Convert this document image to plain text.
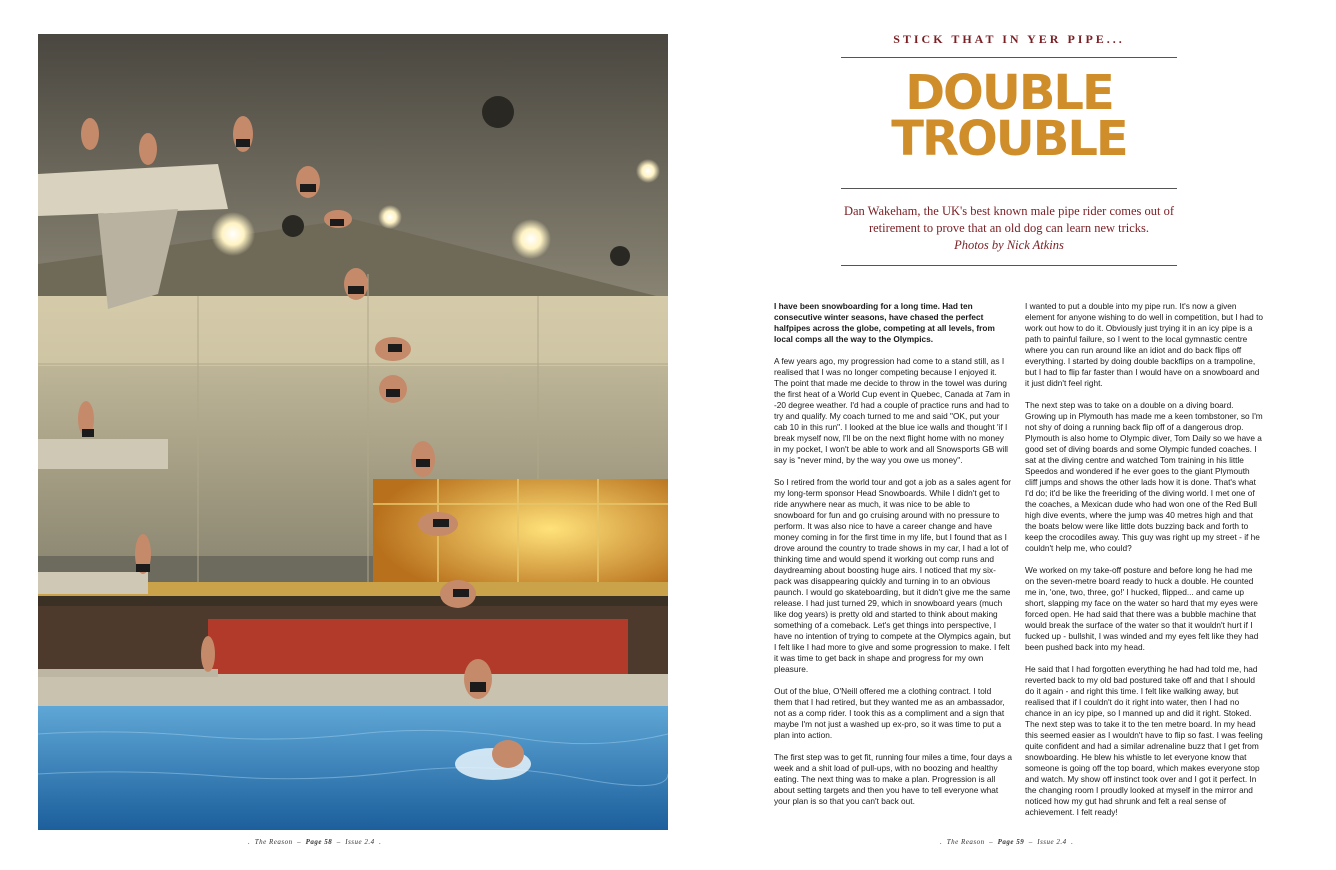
.  The Reason  –  Page 58  –  Issue 2.4  .
STICK THAT IN YER PIPE...
DOUBLE
TROUBLE
Dan Wakeham, the UK's best known male pipe rider comes out of retirement to prove that an old dog can learn new tricks.
Photos by Nick Atkins

I have been snowboarding for a long time. Had ten consecutive winter seasons, have chased the perfect halfpipes across the globe, competing at all levels, from local comps all the way to the Olympics.

A few years ago, my progression had come to a stand still, as I realised that I was no longer competing because I enjoyed it. The point that made me decide to throw in the towel was during the first heat of a World Cup event in Quebec, Canada at 7am in -20 degree weather. I'd had a couple of practice runs and had to try and qualify. My coach turned to me and said "OK, put your cab 10 in this run". I looked at the blue ice walls and thought 'if I break myself now, I'll be on the next flight home with no money in my pocket, I won't be able to work and all Snowsports GB will say is "never mind, by the way you owe us money".

So I retired from the world tour and got a job as a sales agent for my long-term sponsor Head Snowboards. While I didn't get to ride anywhere near as much, it was nice to be able to snowboard for fun and go cruising around with no pressure to perform. It was also nice to have a career change and have money coming in for the first time in my life, but I found that as I drove around the country to trade shows in my car, I had a lot of thinking time and would spend it working out comp runs and daydreaming about boosting huge airs. I noticed that my six-pack was disappearing quickly and turning in to an obvious paunch. I would go skateboarding, but it didn't give me the same release. I had just turned 29, which in snowboard years (much like dog years) is pretty old and started to think about making something of a comeback. Let's get things into perspective, I have no intention of trying to compete at the Olympics again, but I felt like I had more to give and some progression to make. I felt it was time to get back in shape and progress for my own pleasure.

Out of the blue, O'Neill offered me a clothing contract. I told them that I had retired, but they wanted me as an ambassador, not as a comp rider. I took this as a compliment and a sign that maybe I'm not just a washed up ex-pro, so it was time to put a plan into action.

The first step was to get fit, running four miles a time, four days a week and a shit load of pull-ups, with no boozing and healthy eating. The next thing was to make a plan. Progression is all about setting targets and then you have to tell everyone what your plan is so that you can't back out.

I wanted to put a double into my pipe run. It's now a given element for anyone wishing to do well in competition, but I had to work out how to do it. Obviously just trying it in an icy pipe is a path to painful failure, so I went to the local gymnastic centre where you can run around like an idiot and do back flips off everything. I started by doing double backflips on a trampoline, but I had to flip far faster than I would have on a snowboard and it just didn't feel right.

The next step was to take on a double on a diving board. Growing up in Plymouth has made me a keen tombstoner, so I'm not shy of doing a running back flip off of a dangerous drop. Plymouth is also home to Olympic diver, Tom Daily so we have a good set of diving boards and some Olympic funded coaches. I sat at the diving centre and watched Tom training in his little Speedos and wondered if he ever goes to the giant Plymouth cliff jumps and shows the other lads how it is done. That's what I'd do; it'd be like the freeriding of the diving world. I met one of the coaches, a Mexican dude who had won one of the Red Bull high dive events, where the jump was 40 metres high and that the boats below were like little dots buzzing back and forth to keep the crocodiles away. This guy was right up my street - if he couldn't help me, who could?

We worked on my take-off posture and before long he had me on the seven-metre board ready to huck a double. He counted me in, 'one, two, three, go!' I hucked, flipped... and came up short, slapping my face on the water so hard that my eyes were forced open. He had said that there was a bubble machine that would break the surface of the water so that it wouldn't hurt if I fucked up - bullshit, I was winded and my eyes felt like they had been pushed back into my head.

He said that I had forgotten everything he had had told me, had reverted back to my old bad postured take off and that I should do it again - and right this time. I felt like walking away, but realised that if I couldn't do it right into water, then I had no chance in an icy pipe, so I manned up and did it right. Stoked. The next step was to take it to the ten metre board. In my head this seemed easier as I wouldn't have to flip so fast. I was feeling quite confident and had a similar adrenaline buzz that I get from snowboarding. He blew his whistle to let everyone know that someone is going off the top board, which makes everyone stop and watch. My show off instinct took over and I got it perfect. In the changing room I proudly looked at myself in the mirror and noticed how my gut had shrunk and felt a real sense of achievement. I felt ready!

.  The Reason  –  Page 59  –  Issue 2.4  .
